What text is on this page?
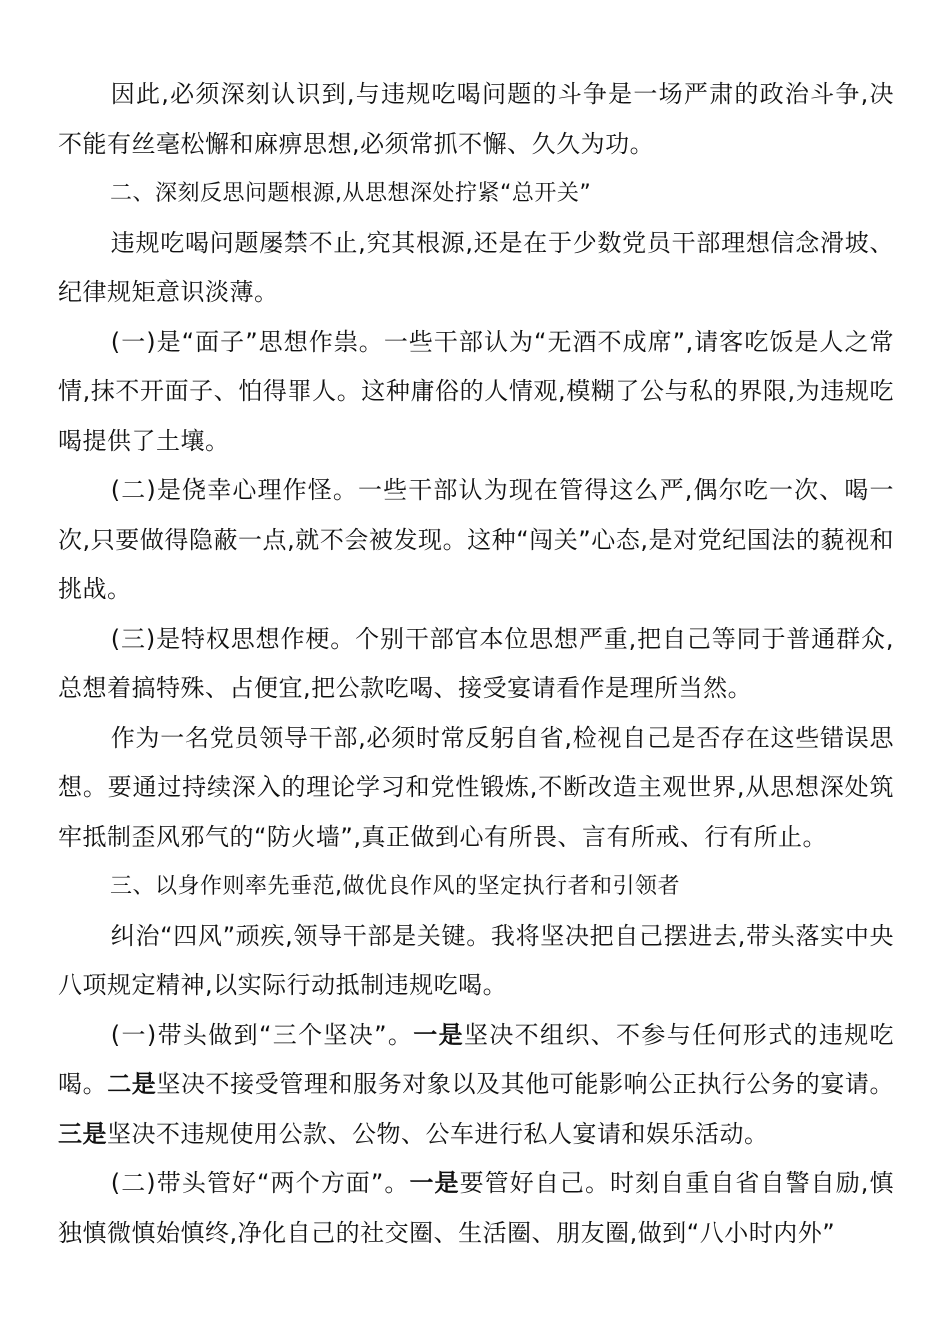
因此,必须深刻认识到,与违规吃喝问题的斗争是一场严肃的政治斗争,决不能有丝毫松懈和麻痹思想,必须常抓不懈、久久为功。

二、深刻反思问题根源,从思想深处拧紧“总开关”

违规吃喝问题屡禁不止,究其根源,还是在于少数党员干部理想信念滑坡、纪律规矩意识淡薄。

(一)是“面子”思想作祟。一些干部认为“无酒不成席”,请客吃饭是人之常情,抹不开面子、怕得罪人。这种庸俗的人情观,模糊了公与私的界限,为违规吃喝提供了土壤。

(二)是侥幸心理作怪。一些干部认为现在管得这么严,偶尔吃一次、喝一次,只要做得隐蔽一点,就不会被发现。这种“闯关”心态,是对党纪国法的藐视和挑战。

(三)是特权思想作梗。个别干部官本位思想严重,把自己等同于普通群众,总想着搞特殊、占便宜,把公款吃喝、接受宴请看作是理所当然。

作为一名党员领导干部,必须时常反躬自省,检视自己是否存在这些错误思想。要通过持续深入的理论学习和党性锻炼,不断改造主观世界,从思想深处筑牢抵制歪风邪气的“防火墙”,真正做到心有所畏、言有所戒、行有所止。

三、以身作则率先垂范,做优良作风的坚定执行者和引领者

纠治“四风”顽疾,领导干部是关键。我将坚决把自己摆进去,带头落实中央八项规定精神,以实际行动抵制违规吃喝。

(一)带头做到“三个坚决”。一是坚决不组织、不参与任何形式的违规吃喝。二是坚决不接受管理和服务对象以及其他可能影响公正执行公务的宴请。三是坚决不违规使用公款、公物、公车进行私人宴请和娱乐活动。

(二)带头管好“两个方面”。一是要管好自己。时刻自重自省自警自励,慎独慎微慎始慎终,净化自己的社交圈、生活圈、朋友圈,做到“八小时内外”
